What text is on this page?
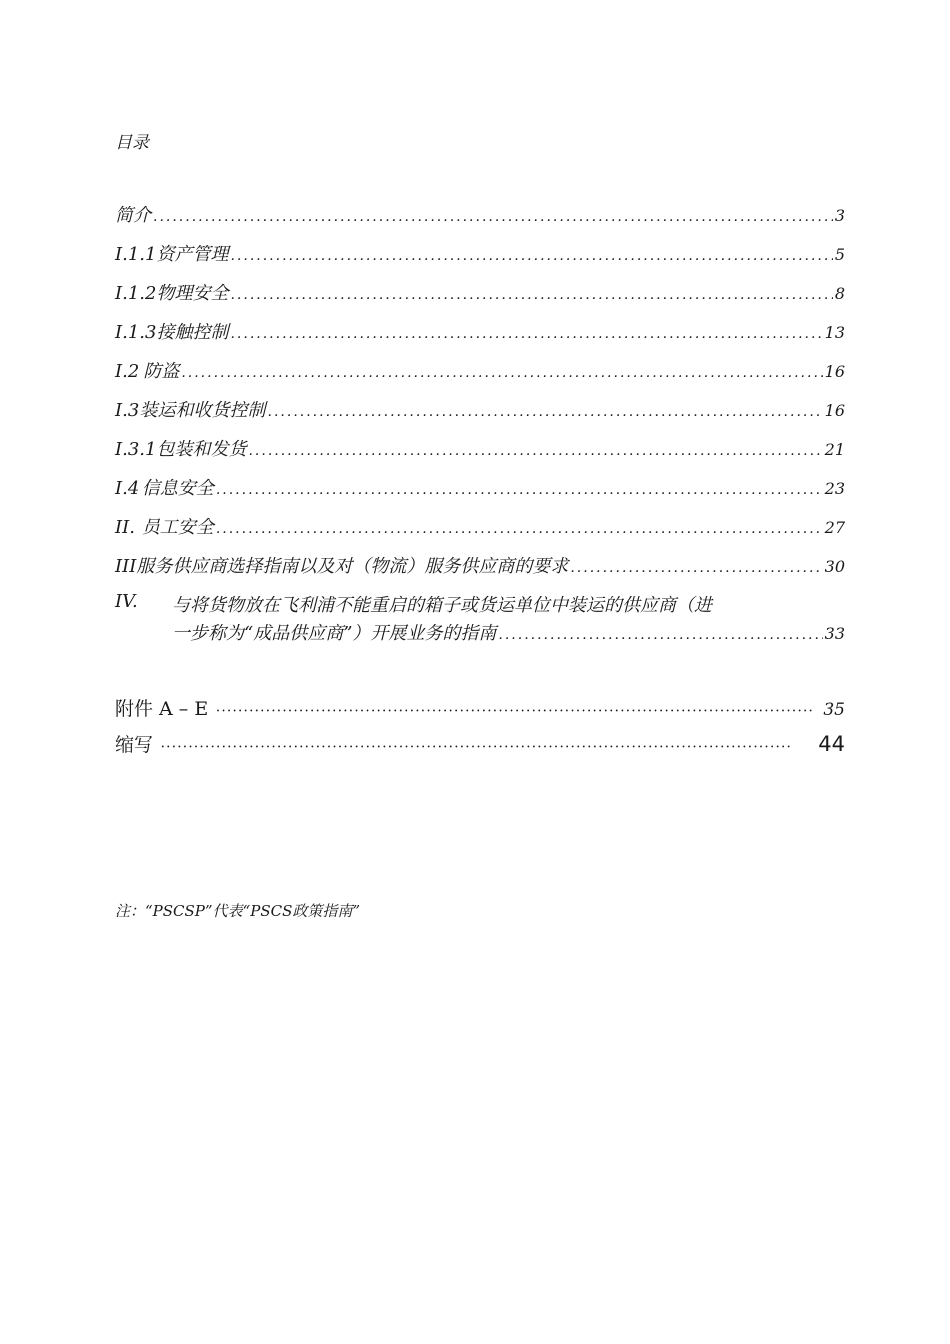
目录
简介 .....	3
I.1.1资产管理 .....	5
I.1.2物理安全 .....	8
I.1.3接触控制 .....	13
I.2 防盗 .....	16
I.3 装运和收货控制 .....	16
I.3.1包装和发货 .....	21
I.4 信息安全 .....	23
II. 员工安全 .....	27
III 服务供应商选择指南以及对（物流）服务供应商的要求 .....	30
IV.	与将货物放在飞利浦不能重启的箱子或货运单位中装运的供应商（进
一步称为“成品供应商”）开展业务的指南 .....	33
附件 A – E •••••	35
缩写 •••••	44
注：“PSCSP”代表“PSCS政策指南”
